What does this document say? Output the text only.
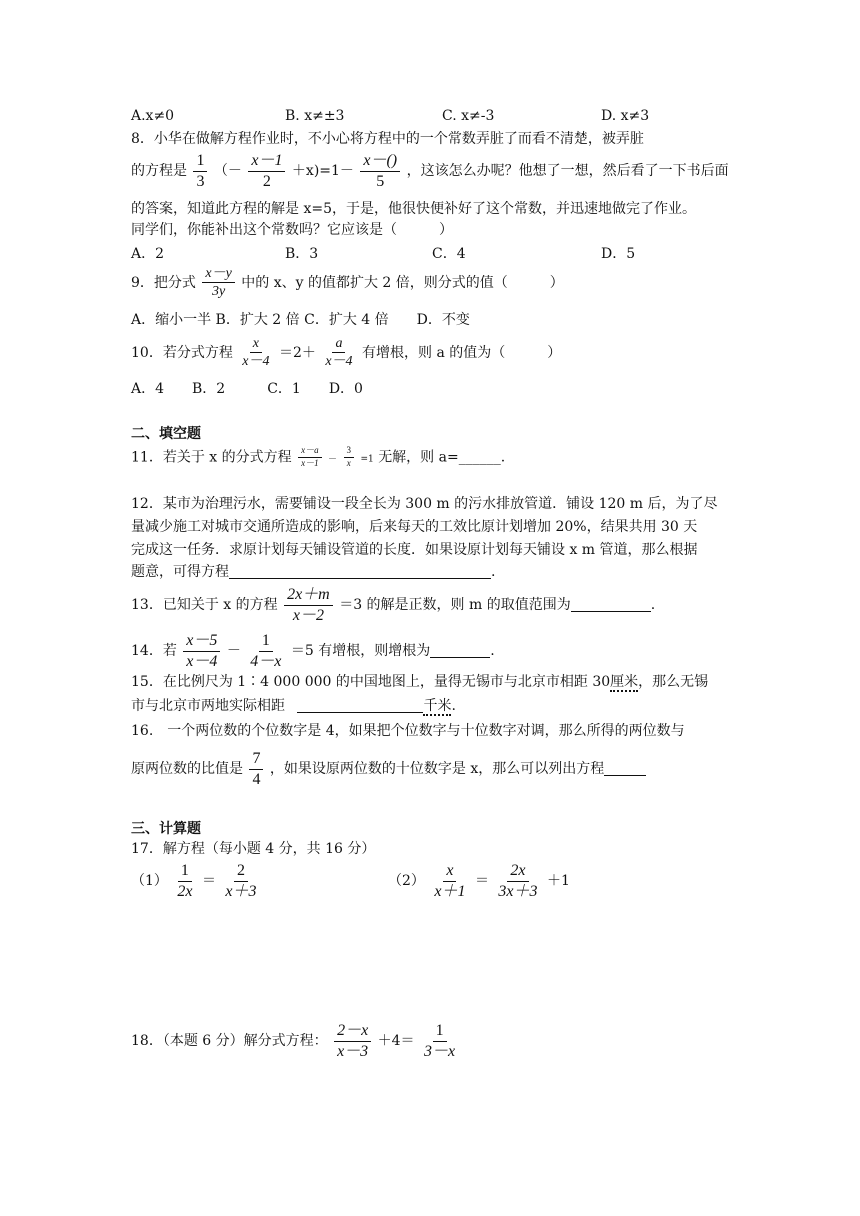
A.x≠0	B. x≠±3	C. x≠-3	D. x≠3
8．小华在做解方程作业时，不小心将方程中的一个常数弄脏了而看不清楚，被弄脏
的方程是 $\frac{1}{3}$ （－ $\frac{x-1}{2} +x)=1- \frac{x-()}{5}$ ，这该怎么办呢？他想了一想，然后看了一下书后面
的答案，知道此方程的解是 x=5，于是，他很快便补好了这个常数，并迅速地做完了作业。
同学们，你能补出这个常数吗？它应该是（　　　）
A．2	B．3	C．4	D．5
9．把分式 $\frac{x-y}{3y}$ 中的 x、y 的值都扩大 2 倍，则分式的值（　　　）
A．缩小一半 B．扩大 2 倍 C．扩大 4 倍　　D．不变
10．若分式方程 $\frac{x}{x-4} =2+ \frac{a}{x-4}$ 有增根，则 a 的值为（　　　）
A．4　　B．2　　　C．1　　D．0
二、填空题
11．若关于 x 的分式方程 $\frac{x-a}{x-1} - \frac{3}{x} =1$ 无解，则 a=______.
12．某市为治理污水，需要铺设一段全长为 300 m 的污水排放管道．铺设 120 m 后，为了尽
量减少施工对城市交通所造成的影响，后来每天的工效比原计划增加 20%，结果共用 30 天
完成这一任务．求原计划每天铺设管道的长度．如果设原计划每天铺设 x m 管道，那么根据
题意，可得方程	.
13．已知关于 x 的方程 $\frac{2x+m}{x-2} =3$ 的解是正数，则 m 的取值范围为	.
14．若 $\frac{x-5}{x-4} - \frac{1}{4-x} =5$ 有增根，则增根为	.
15．在比例尺为 1∶4 000 000 的中国地图上，量得无锡市与北京市相距 30厘米，那么无锡
市与北京市两地实际相距	千米.
16.　一个两位数的个位数字是 4，如果把个位数字与十位数字对调，那么所得的两位数与
原两位数的比值是 $\frac{7}{4}$ ，如果设原两位数的十位数字是 x，那么可以列出方程
三、计算题
17．解方程（每小题 4 分，共 16 分）
$(1) \frac{1}{2x} = \frac{2}{x+3}$	$(2) \frac{x}{x+1} = \frac{2x}{3x+3} +1$
18．（本题 6 分）解分式方程： $\frac{2-x}{x-3} +4= \frac{1}{3-x}$
